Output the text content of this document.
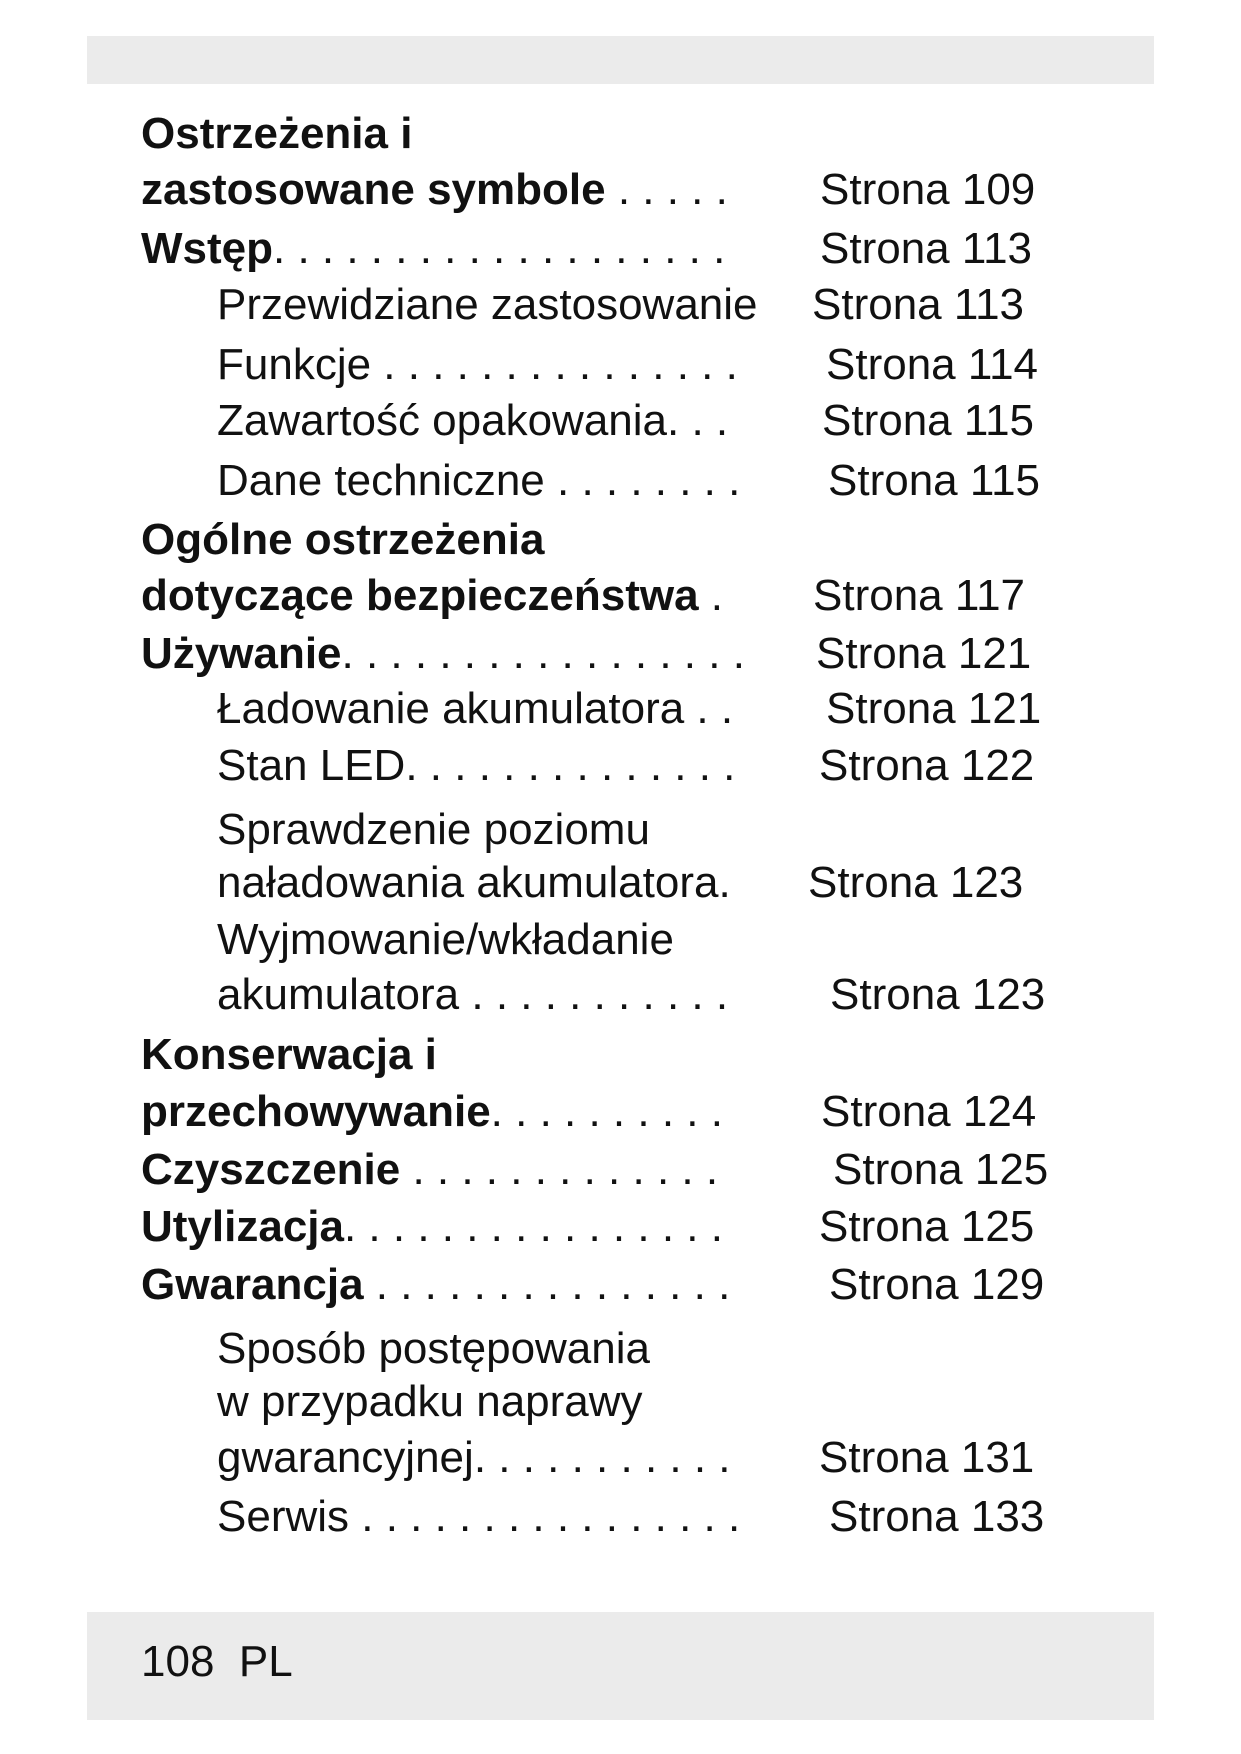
Ostrzeżenia i
zastosowane symbole . . . . . Strona 109
Wstęp. . . . . . . . . . . . . . . . . . . Strona 113
Przewidziane zastosowanie Strona 113
Funkcje . . . . . . . . . . . . . . . Strona 114
Zawartość opakowania. . . Strona 115
Dane techniczne . . . . . . . . Strona 115
Ogólne ostrzeżenia
dotyczące bezpieczeństwa . Strona 117
Używanie. . . . . . . . . . . . . . . . . Strona 121
Ładowanie akumulatora . . Strona 121
Stan LED. . . . . . . . . . . . . . Strona 122
Sprawdzenie poziomu
naładowania akumulatora. Strona 123
Wyjmowanie/wkładanie
akumulatora . . . . . . . . . . . Strona 123
Konserwacja i
przechowywanie. . . . . . . . . . Strona 124
Czyszczenie . . . . . . . . . . . . .	Strona 125
Utylizacja. . . . . . . . . . . . . . . . Strona 125
Gwarancja . . . . . . . . . . . . . . . Strona 129
Sposób postępowania
w przypadku naprawy
gwarancyjnej. . . . . . . . . . . Strona 131
Serwis . . . . . . . . . . . . . . . . Strona 133
108 PL
